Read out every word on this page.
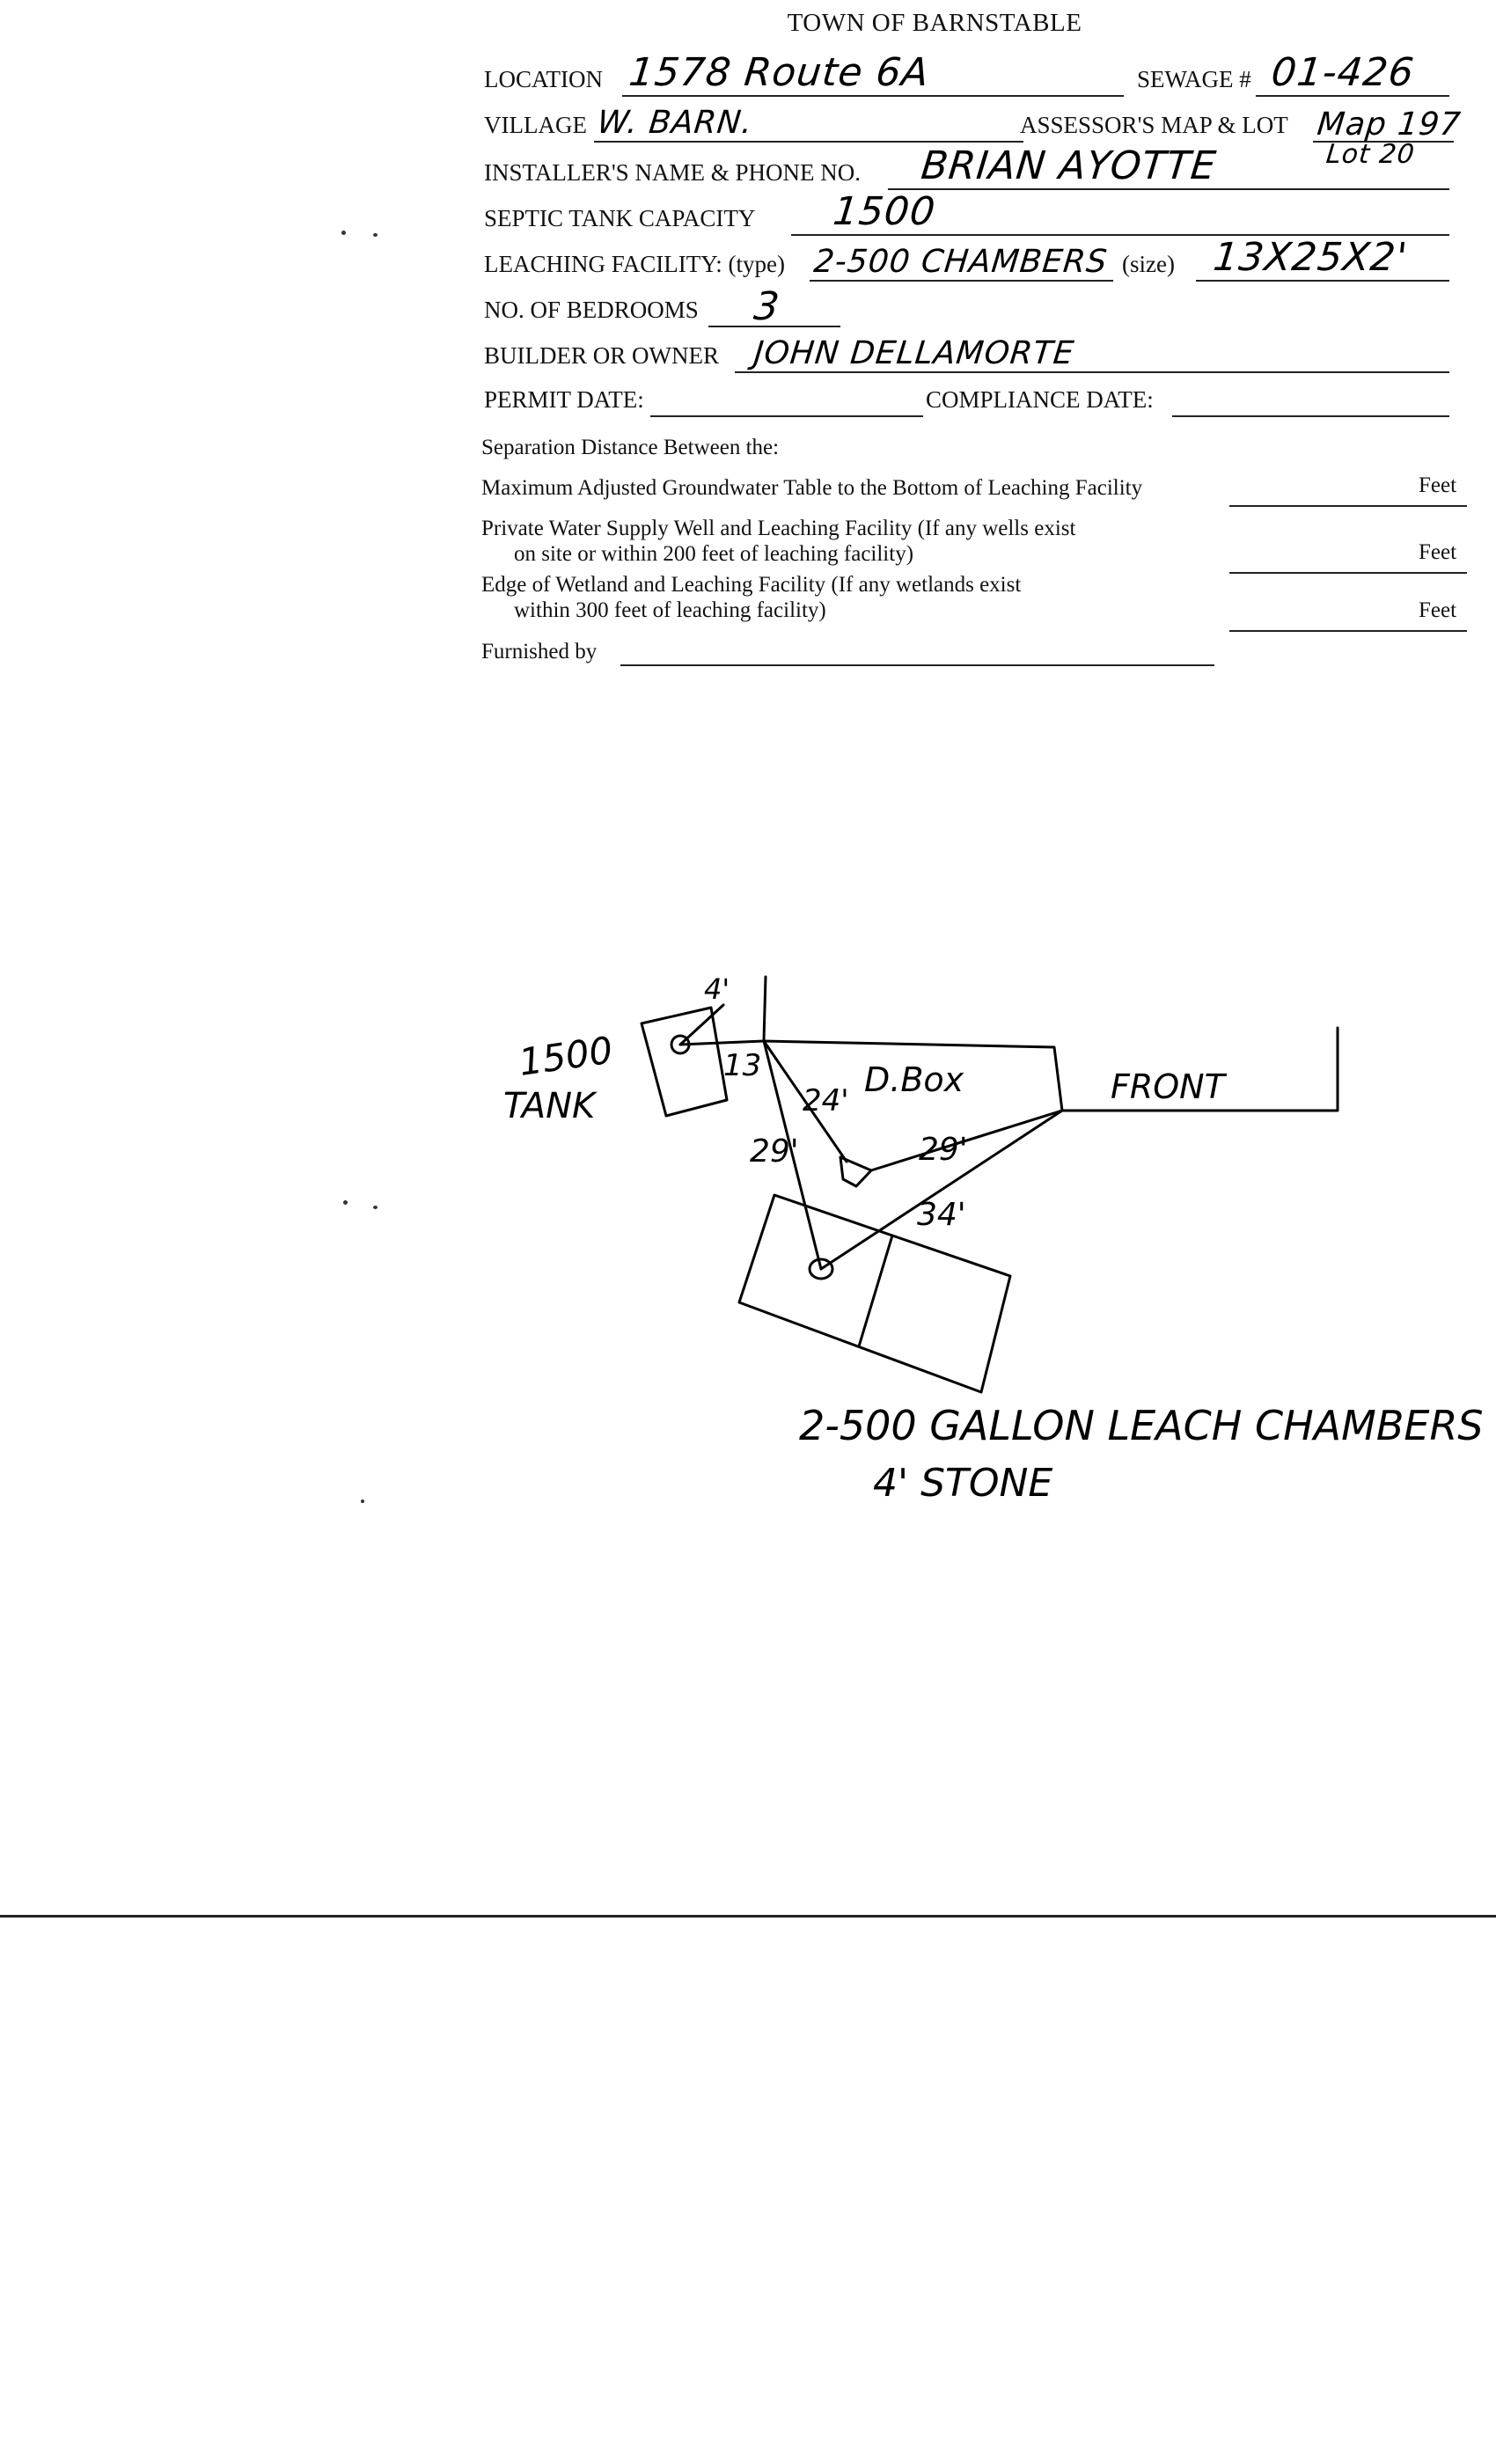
TOWN OF BARNSTABLE
LOCATION 1578 Route 6A	SEWAGE # 01-426
VILLAGE W. BARN.	ASSESSOR'S MAP & LOT Map 197
Lot 20
INSTALLER'S NAME & PHONE NO. BRIAN AYOTTE
SEPTIC TANK CAPACITY 1500
LEACHING FACILITY: (type) 2-500 CHAMBERS (size) 13X25X2'
NO. OF BEDROOMS 3
BUILDER OR OWNER JOHN DELLAMORTE
PERMIT DATE:	COMPLIANCE DATE:
Separation Distance Between the:
Maximum Adjusted Groundwater Table to the Bottom of Leaching Facility	Feet
Private Water Supply Well and Leaching Facility (If any wells exist
on site or within 200 feet of leaching facility)	Feet
Edge of Wetland and Leaching Facility (If any wetlands exist
within 300 feet of leaching facility)	Feet
Furnished by
1500
TANK
4'
13
24'
D.Box
29'
29'
34'
FRONT
2-500 GALLON LEACH CHAMBERS
4' STONE
